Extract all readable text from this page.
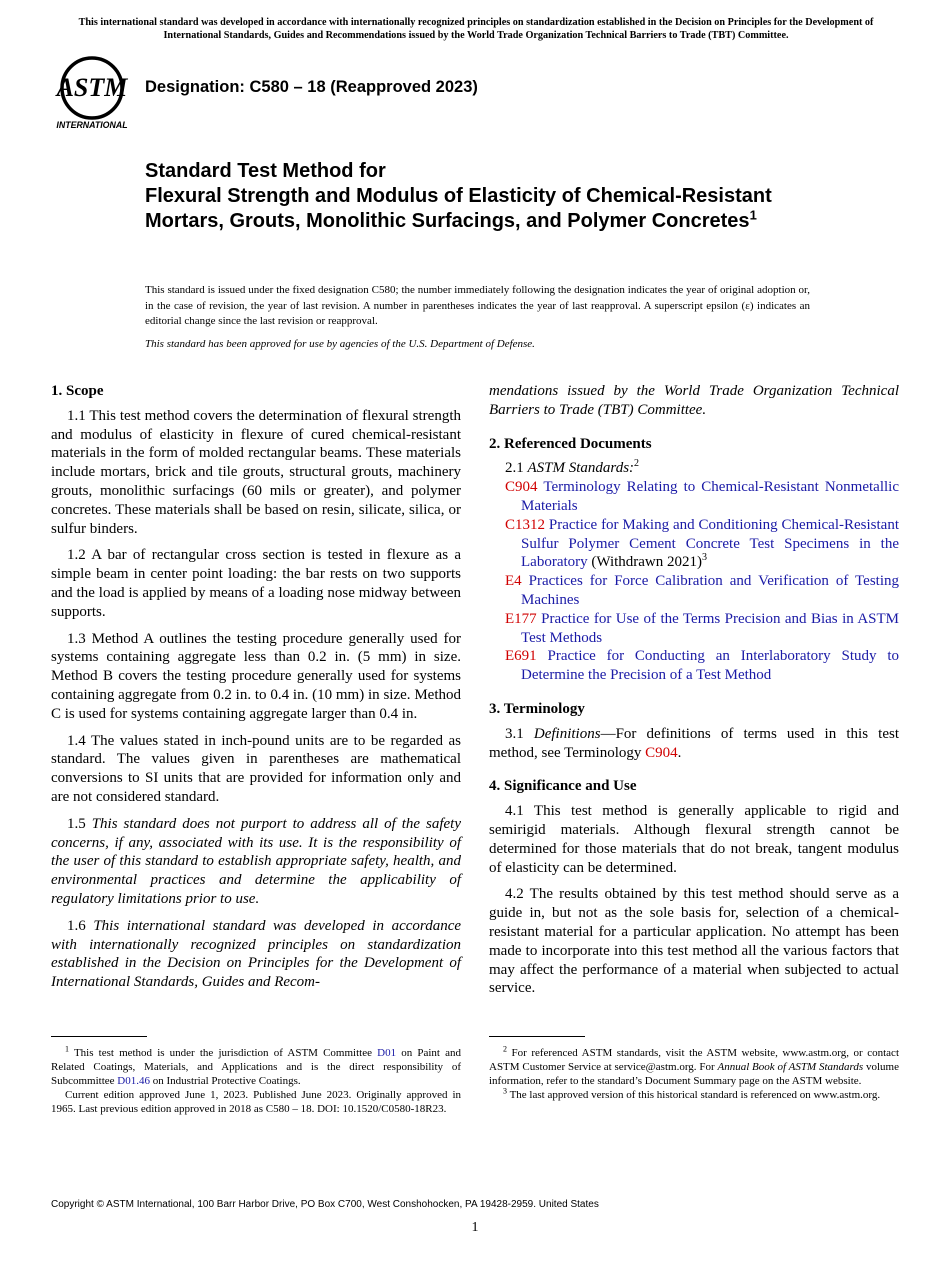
This international standard was developed in accordance with internationally recognized principles on standardization established in the Decision on Principles for the Development of International Standards, Guides and Recommendations issued by the World Trade Organization Technical Barriers to Trade (TBT) Committee.
ASTM
INTERNATIONAL
Designation: C580 – 18 (Reapproved 2023)
Standard Test Method for
Flexural Strength and Modulus of Elasticity of Chemical-Resistant Mortars, Grouts, Monolithic Surfacings, and Polymer Concretes$^1$
This standard is issued under the fixed designation C580; the number immediately following the designation indicates the year of original adoption or, in the case of revision, the year of last revision. A number in parentheses indicates the year of last reapproval. A superscript epsilon (ε) indicates an editorial change since the last revision or reapproval.
This standard has been approved for use by agencies of the U.S. Department of Defense.
1. Scope

1.1 This test method covers the determination of flexural strength and modulus of elasticity in flexure of cured chemical-resistant materials in the form of molded rectangular beams. These materials include mortars, brick and tile grouts, structural grouts, machinery grouts, monolithic surfacings (60 mils or greater), and polymer concretes. These materials shall be based on resin, silicate, silica, or sulfur binders.

1.2 A bar of rectangular cross section is tested in flexure as a simple beam in center point loading: the bar rests on two supports and the load is applied by means of a loading nose midway between supports.

1.3 Method A outlines the testing procedure generally used for systems containing aggregate less than 0.2 in. (5 mm) in size. Method B covers the testing procedure generally used for systems containing aggregate from 0.2 in. to 0.4 in. (10 mm) in size. Method C is used for systems containing aggregate larger than 0.4 in.

1.4 The values stated in inch-pound units are to be regarded as standard. The values given in parentheses are mathematical conversions to SI units that are provided for information only and are not considered standard.

1.5 This standard does not purport to address all of the safety concerns, if any, associated with its use. It is the responsibility of the user of this standard to establish appropriate safety, health, and environmental practices and determine the applicability of regulatory limitations prior to use.

1.6 This international standard was developed in accordance with internationally recognized principles on standardization established in the Decision on Principles for the Development of International Standards, Guides and Recom-

mendations issued by the World Trade Organization Technical Barriers to Trade (TBT) Committee.

2. Referenced Documents
2.1 ASTM Standards:$^2$
C904 Terminology Relating to Chemical-Resistant Nonmetallic Materials
C1312 Practice for Making and Conditioning Chemical-Resistant Sulfur Polymer Cement Concrete Test Specimens in the Laboratory (Withdrawn 2021)$^3$
E4 Practices for Force Calibration and Verification of Testing Machines
E177 Practice for Use of the Terms Precision and Bias in ASTM Test Methods
E691 Practice for Conducting an Interlaboratory Study to Determine the Precision of a Test Method
3. Terminology

3.1 Definitions—For definitions of terms used in this test method, see Terminology C904.

4. Significance and Use

4.1 This test method is generally applicable to rigid and semirigid materials. Although flexural strength cannot be determined for those materials that do not break, tangent modulus of elasticity can be determined.

4.2 The results obtained by this test method should serve as a guide in, but not as the sole basis for, selection of a chemical-resistant material for a particular application. No attempt has been made to incorporate into this test method all the various factors that may affect the performance of a material when subjected to actual service.

$^1$ This test method is under the jurisdiction of ASTM Committee D01 on Paint and Related Coatings, Materials, and Applications and is the direct responsibility of Subcommittee D01.46 on Industrial Protective Coatings.

Current edition approved June 1, 2023. Published June 2023. Originally approved in 1965. Last previous edition approved in 2018 as C580 – 18. DOI: 10.1520/C0580-18R23.

$^2$ For referenced ASTM standards, visit the ASTM website, www.astm.org, or contact ASTM Customer Service at service@astm.org. For Annual Book of ASTM Standards volume information, refer to the standard’s Document Summary page on the ASTM website.

$^3$ The last approved version of this historical standard is referenced on www.astm.org.

Copyright © ASTM International, 100 Barr Harbor Drive, PO Box C700, West Conshohocken, PA 19428-2959. United States
1
